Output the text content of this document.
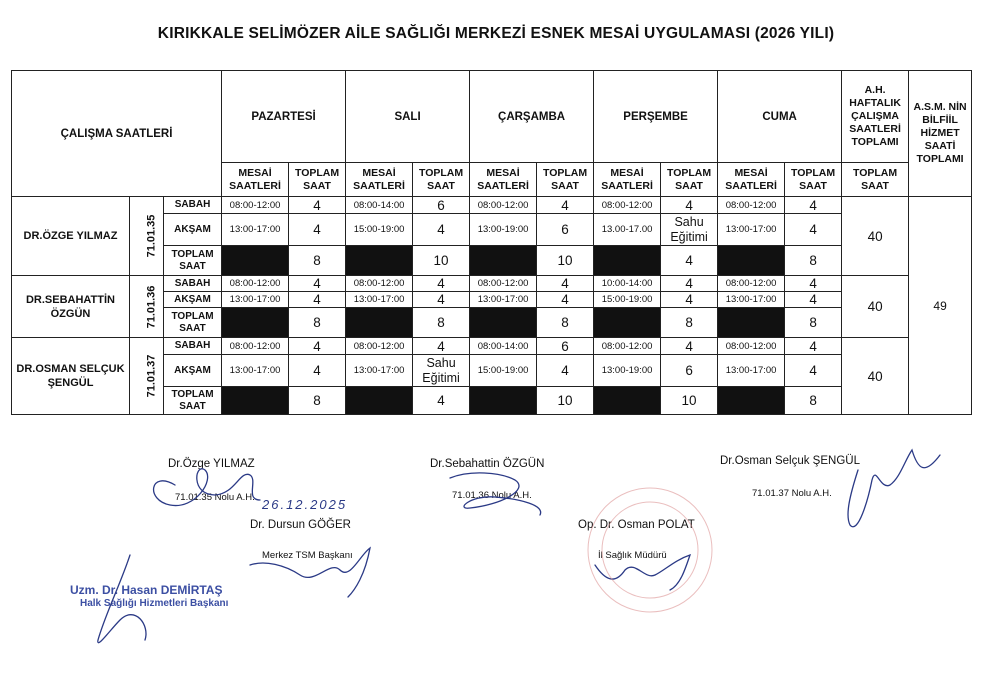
KIRIKKALE SELİMÖZER AİLE SAĞLIĞI MERKEZİ ESNEK MESAİ UYGULAMASI (2026 YILI)
ÇALIŞMA SAATLERİ			PAZARTESİ		SALI		ÇARŞAMBA		PERŞEMBE		CUMA		A.H. HAFTALIK ÇALIŞMA SAATLERİ TOPLAMI	A.S.M. NİN BİLFİİL HİZMET SAATİ TOPLAMI
			MESAİ SAATLERİ	TOPLAM SAAT	MESAİ SAATLERİ	TOPLAM SAAT	MESAİ SAATLERİ	TOPLAM SAAT	MESAİ SAATLERİ	TOPLAM SAAT	MESAİ SAATLERİ	TOPLAM SAAT	TOPLAM SAAT	
DR.ÖZGE YILMAZ	71.01.35	SABAH	08:00-12:00	4	08:00-14:00	6	08:00-12:00	4	08:00-12:00	4	08:00-12:00	4	40	49
		AKŞAM	13:00-17:00	4	15:00-19:00	4	13:00-19:00	6	13.00-17.00	Sahu Eğitimi	13:00-17:00	4		
		TOPLAM SAAT		8		10		10		4		8		
DR.SEBAHATTİN ÖZGÜN	71.01.36	SABAH	08:00-12:00	4	08:00-12:00	4	08:00-12:00	4	10:00-14:00	4	08:00-12:00	4	40	
		AKŞAM	13:00-17:00	4	13:00-17:00	4	13:00-17:00	4	15:00-19:00	4	13:00-17:00	4		
		TOPLAM SAAT		8		8		8		8		8		
DR.OSMAN SELÇUK ŞENGÜL	71.01.37	SABAH	08:00-12:00	4	08:00-12:00	4	08:00-14:00	6	08:00-12:00	4	08:00-12:00	4	40	
		AKŞAM	13:00-17:00	4	13:00-17:00	Sahu Eğitimi	15:00-19:00	4	13:00-19:00	6	13:00-17:00	4		
		TOPLAM SAAT		8		4		10		10		8		
Dr.Özge YILMAZ
71.01.35 Nolu A.H.
Dr.Sebahattin ÖZGÜN
71.01.36 Nolu A.H.
Dr.Osman Selçuk ŞENGÜL
71.01.37 Nolu A.H.
26.12.2025
Dr. Dursun GÖĞER
Merkez TSM Başkanı
Op. Dr. Osman POLAT
İl Sağlık Müdürü
Uzm. Dr. Hasan DEMİRTAŞ
Halk Sağlığı Hizmetleri Başkanı
